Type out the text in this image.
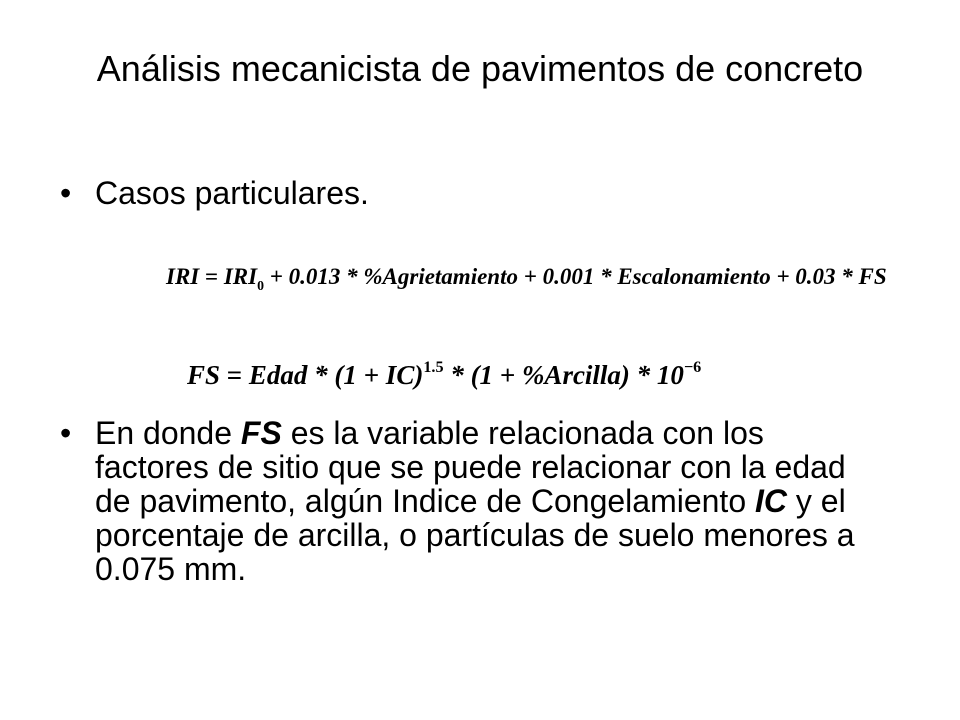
Análisis mecanicista de pavimentos de concreto
• Casos particulares.
IRI = $IRI_0 + 0.013$ * %Agrietamiento + 0.001 * Escalonamiento + 0.03 * FS
FS = Edad * (1 + IC)$^{1.5}$ * (1 + %Arcilla) * $10^{-6}$
• En donde FS es la variable relacionada con los factores de sitio que se puede relacionar con la edad de pavimento, algún Indice de Congelamiento IC y el porcentaje de arcilla, o partículas de suelo menores a 0.075 mm.
